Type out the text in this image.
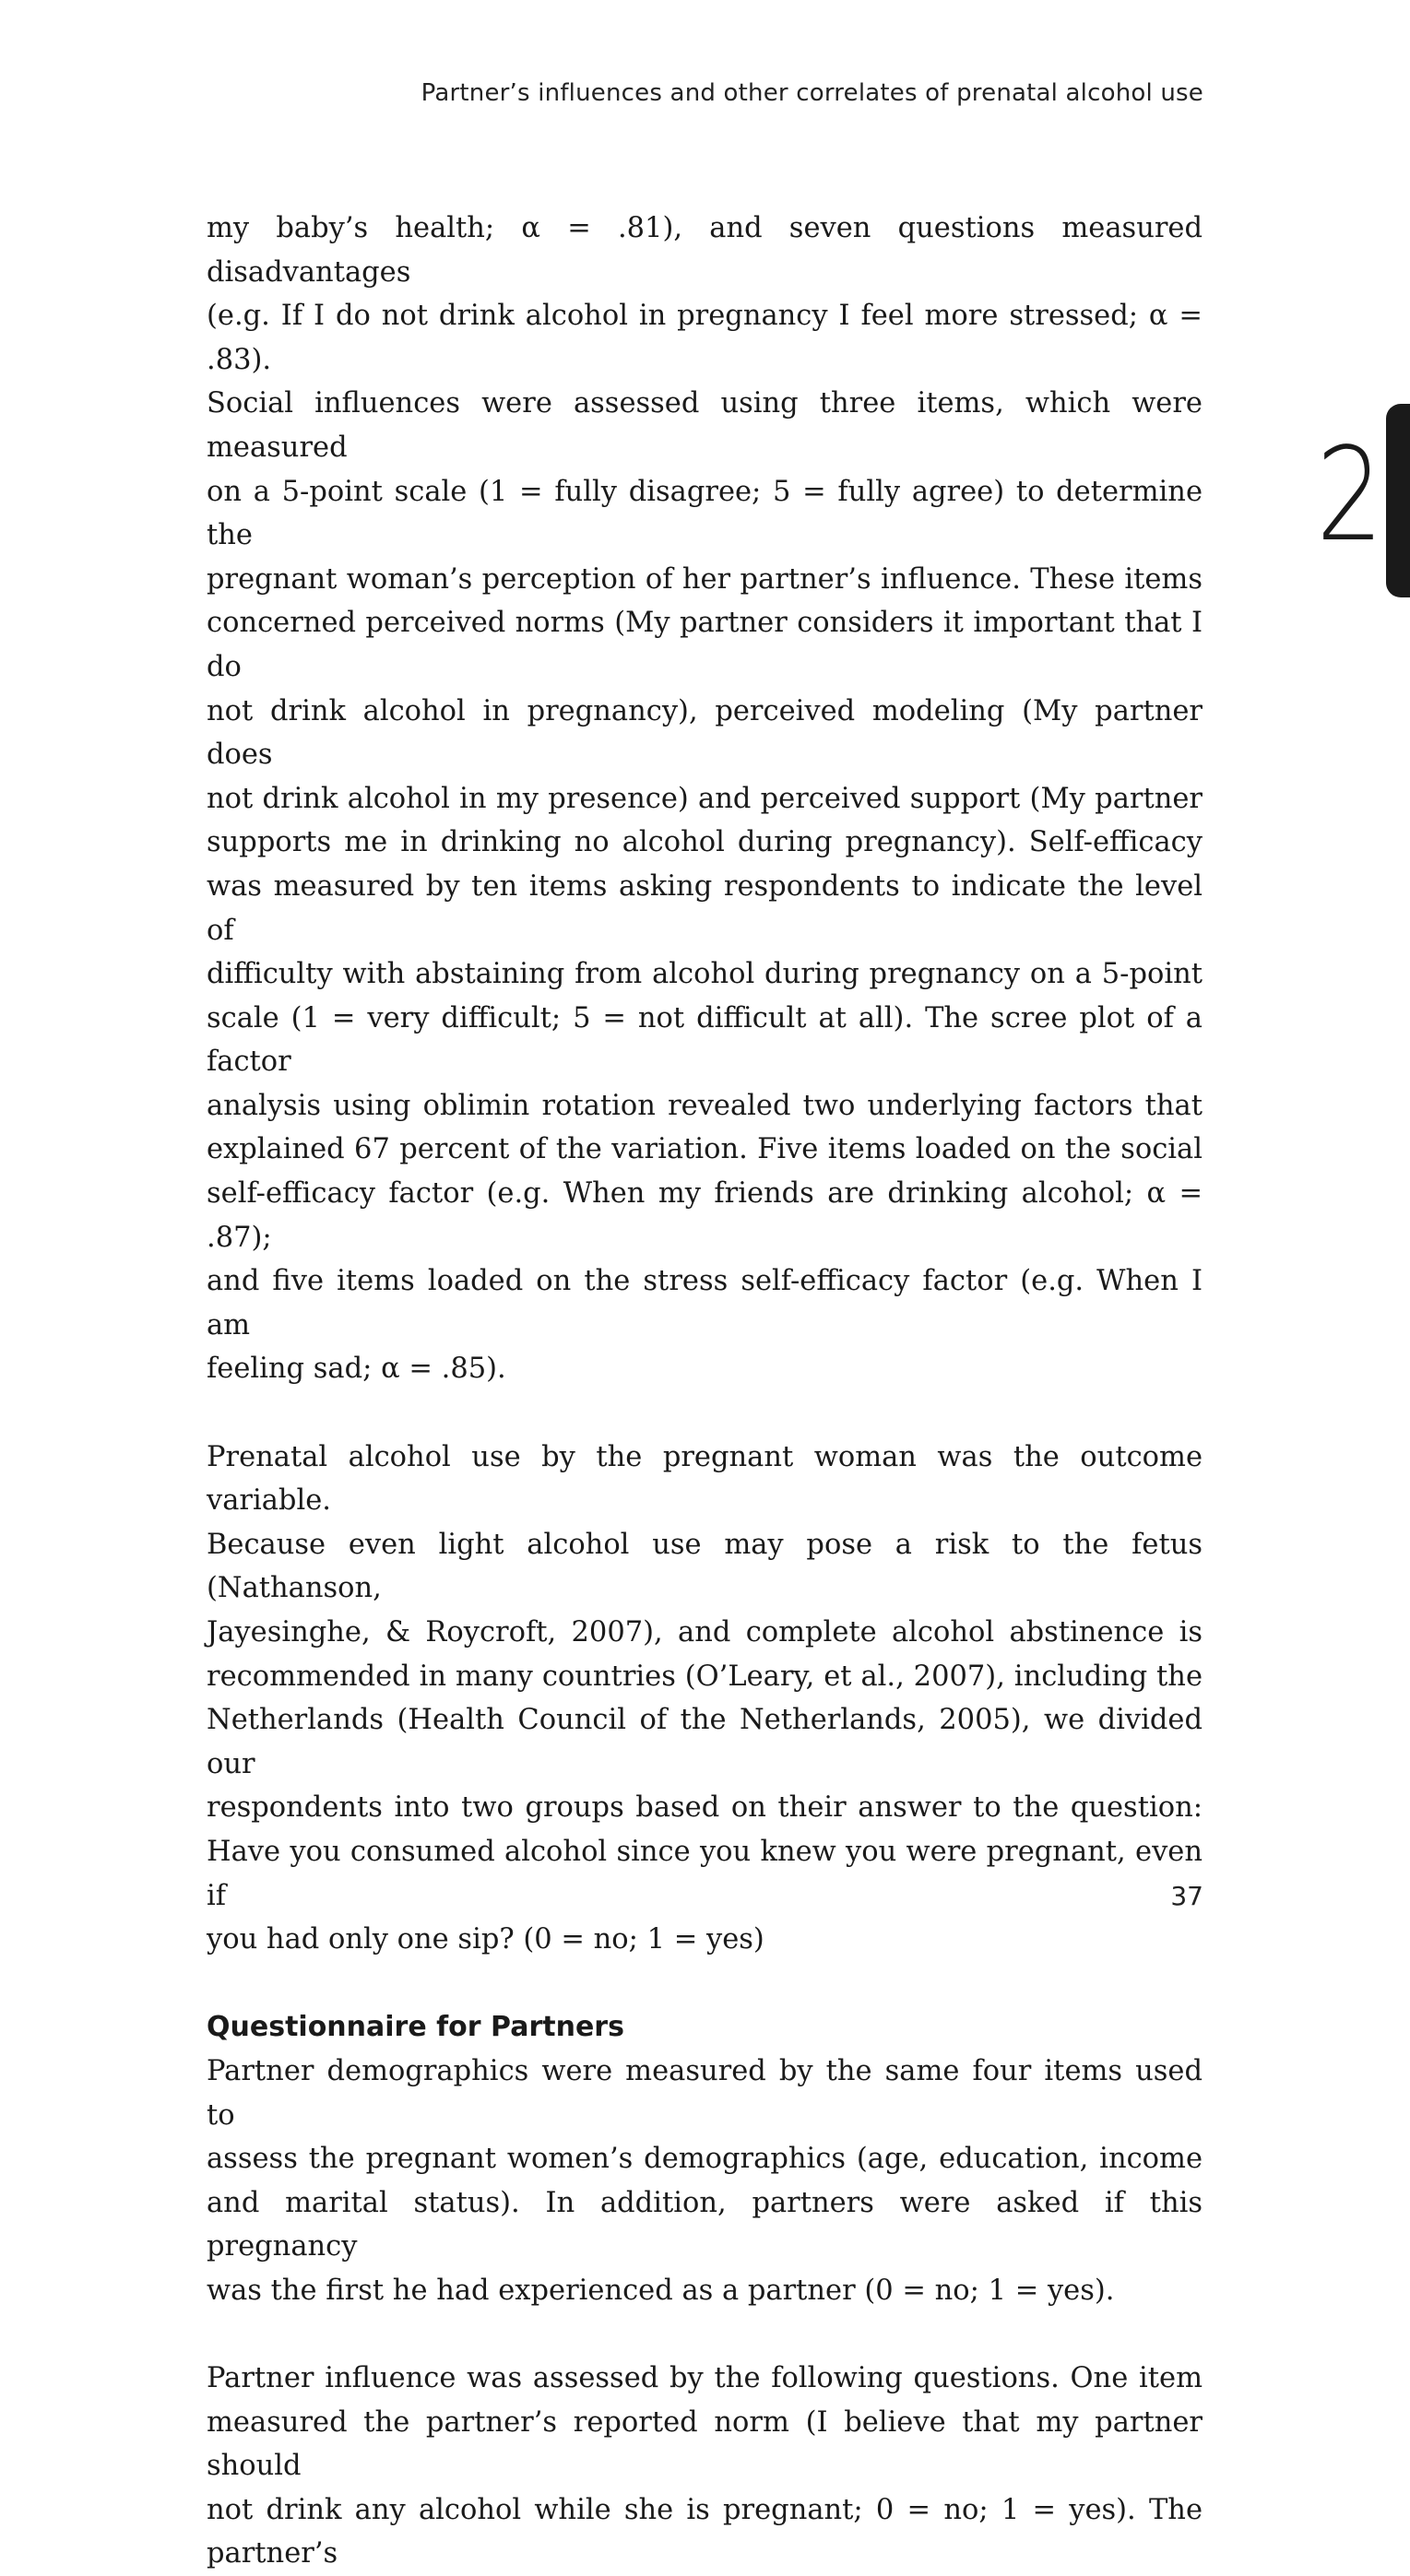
Partner’s influences and other correlates of prenatal alcohol use
2

my baby’s health; α = .81), and seven questions measured disadvantages

(e.g. If I do not drink alcohol in pregnancy I feel more stressed; α = .83).

Social influences were assessed using three items, which were measured

on a 5-point scale (1 = fully disagree; 5 = fully agree) to determine the

pregnant woman’s perception of her partner’s influence. These items

concerned perceived norms (My partner considers it important that I do

not drink alcohol in pregnancy), perceived modeling (My partner does

not drink alcohol in my presence) and perceived support (My partner

supports me in drinking no alcohol during pregnancy). Self-efficacy

was measured by ten items asking respondents to indicate the level of

difficulty with abstaining from alcohol during pregnancy on a 5-point

scale (1 = very difficult; 5 = not difficult at all). The scree plot of a factor

analysis using oblimin rotation revealed two underlying factors that

explained 67 percent of the variation. Five items loaded on the social

self-efficacy factor (e.g. When my friends are drinking alcohol; α = .87);

and five items loaded on the stress self-efficacy factor (e.g. When I am

feeling sad; α = .85).

Prenatal alcohol use by the pregnant woman was the outcome variable.

Because even light alcohol use may pose a risk to the fetus (Nathanson,

Jayesinghe, & Roycroft, 2007), and complete alcohol abstinence is

recommended in many countries (O’Leary, et al., 2007), including the

Netherlands (Health Council of the Netherlands, 2005), we divided our

respondents into two groups based on their answer to the question:

Have you consumed alcohol since you knew you were pregnant, even if

you had only one sip? (0 = no; 1 = yes)

Questionnaire for Partners

Partner demographics were measured by the same four items used to

assess the pregnant women’s demographics (age, education, income

and marital status). In addition, partners were asked if this pregnancy

was the first he had experienced as a partner (0 = no; 1 = yes).

Partner influence was assessed by the following questions. One item

measured the partner’s reported norm (I believe that my partner should

not drink any alcohol while she is pregnant; 0 = no; 1 = yes). The partner’s

37
